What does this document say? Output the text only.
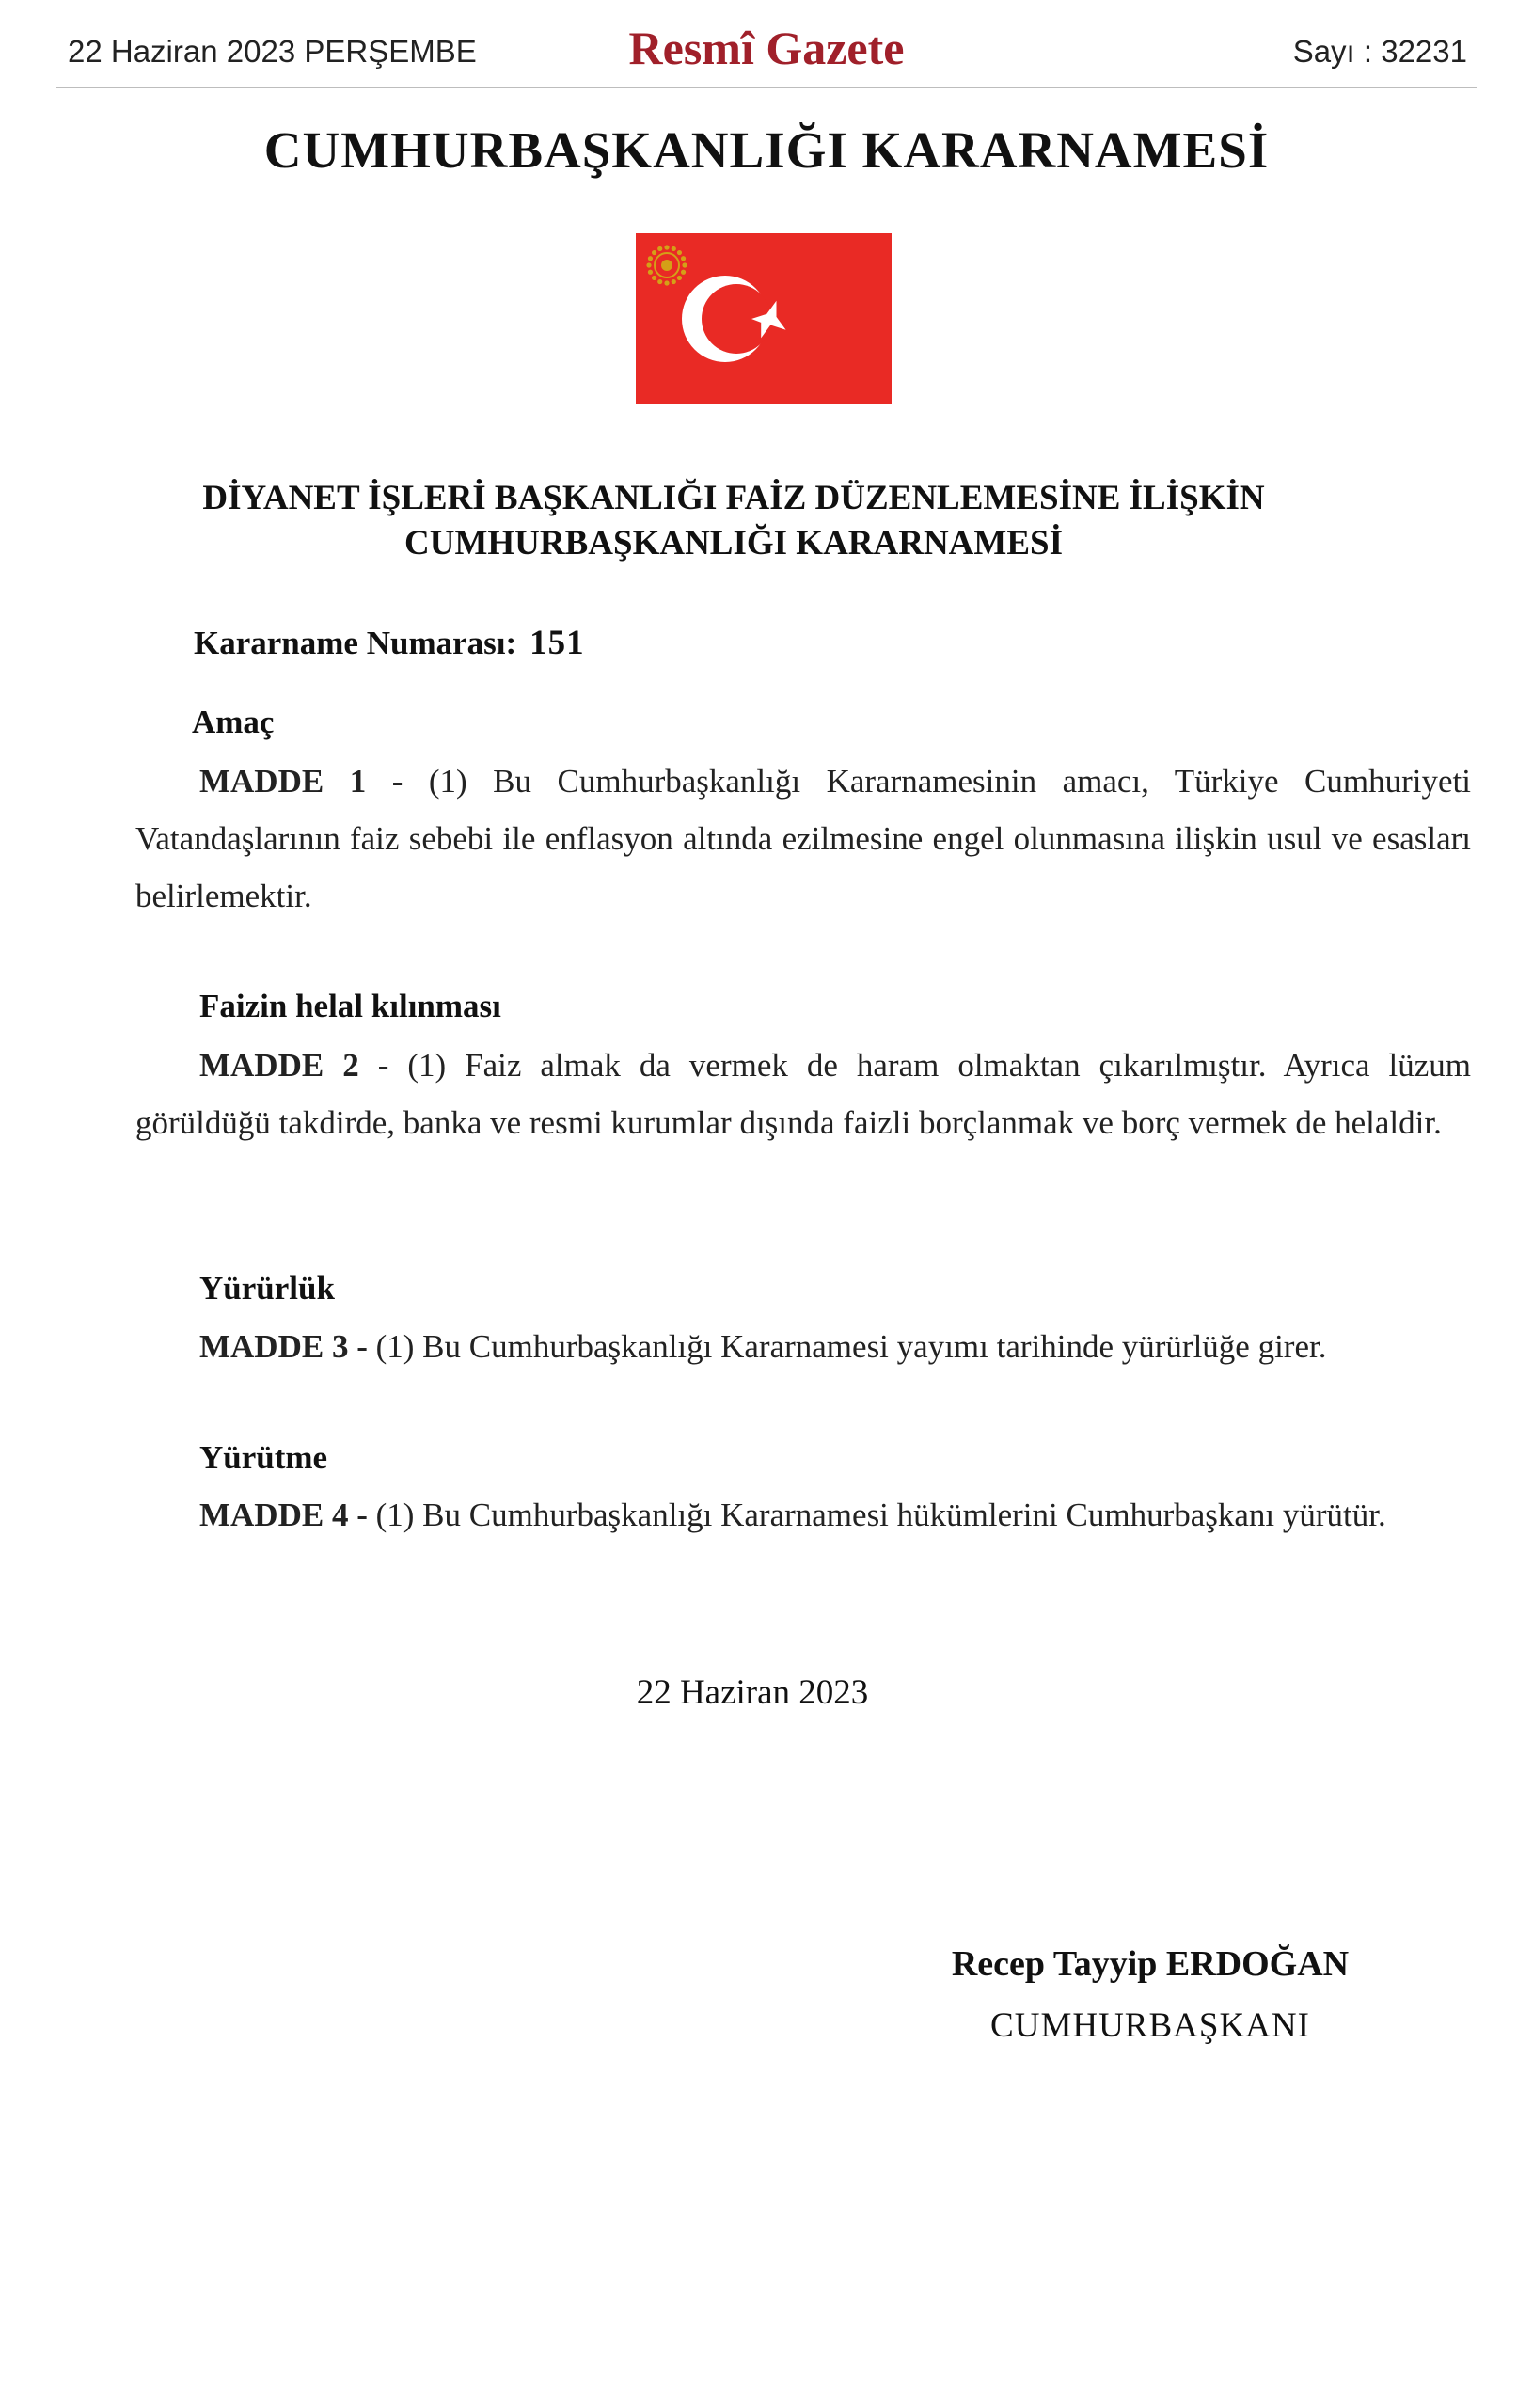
22 Haziran 2023 PERŞEMBE	Resmî Gazete	Sayı : 32231
CUMHURBAŞKANLIĞI KARARNAMESİ
DİYANET İŞLERİ BAŞKANLIĞI FAİZ DÜZENLEMESİNE İLİŞKİN
CUMHURBAŞKANLIĞI KARARNAMESİ
Kararname Numarası: 151
Amaç
MADDE 1 - (1) Bu Cumhurbaşkanlığı Kararnamesinin amacı, Türkiye Cumhuriyeti Vatandaşlarının faiz sebebi ile enflasyon altında ezilmesine engel olunmasına ilişkin usul ve esasları belirlemektir.
Faizin helal kılınması
MADDE 2 - (1) Faiz almak da vermek de haram olmaktan çıkarılmıştır. Ayrıca lüzum görüldüğü takdirde, banka ve resmi kurumlar dışında faizli borçlanmak ve borç vermek de helaldir.
Yürürlük
MADDE 3 - (1) Bu Cumhurbaşkanlığı Kararnamesi yayımı tarihinde yürürlüğe girer.
Yürütme
MADDE 4 - (1) Bu Cumhurbaşkanlığı Kararnamesi hükümlerini Cumhurbaşkanı yürütür.
22 Haziran 2023
Recep Tayyip ERDOĞAN
CUMHURBAŞKANI
